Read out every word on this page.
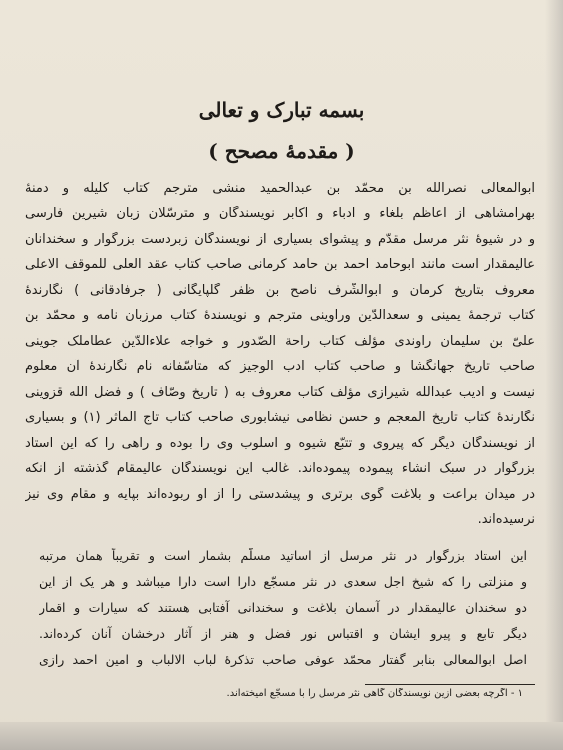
بسمه تبارک و تعالی
( مقدمهٔ مصحح )
ابوالمعالی نصرالله بن محمّد بن عبدالحمید منشی مترجم کتاب کلیله و دمنهٔ
بهرامشاهی از اعاظم بلغاء و ادباء و اکابر نویسندگان و مترسّلان زبان شیرین فارسی
و در شیوهٔ نثر مرسل مقدّم و پیشوای بسیاری از نویسندگان زبردست بزرگوار و سخندانان
عالیمقدار است مانند ابوحامد احمد بن حامد کرمانی صاحب کتاب عقد العلی للموقف الاعلی
معروف بتاریخ کرمان و ابوالشّرف ناصح بن ظفر گلپایگانی ( جرفادقانی ) نگارندهٔ
کتاب ترجمهٔ یمینی و سعدالدّین وراوینی مترجم و نویسندهٔ کتاب مرزبان نامه و محمّد بن
علیّ بن سلیمان راوندی مؤلّف کتاب راحة الصّدور و خواجه علاءالدّین عطاملک جوینی
صاحب تاریخ جهانگشا و صاحب کتاب ادب الوجیز که متأسّفانه نام نگارندهٔ آن معلوم
نیست و ادیب عبدالله شیرازی مؤلّف کتاب معروف به ( تاریخ وصّاف ) و فضل الله قزوینی
نگارندهٔ کتاب تاریخ المعجم و حسن نظامی نیشابوری صاحب کتاب تاج المآثر (۱) و بسیاری
از نویسندگان دیگر که پیروی و تتبّع شیوه و اسلوب وی را بوده و راهی را که این استاد
بزرگوار در سبک انشاء پیموده پیموده‌اند. غالب این نویسندگان عالیمقام گذشته از آنکه
در میدان براعت و بلاغت گوی برتری و پیشدستی را از او ربوده‌اند بپایه و مقام وی نیز
نرسیده‌اند.
این استاد بزرگوار در نثر مرسل از اساتید مسلّم بشمار است و تقریباً همان مرتبه
و منزلتی را که شیخ اجل سعدی در نثر مسجّع دارا است دارا میباشد و هر یک از این
دو سخندان عالیمقدار در آسمان بلاغت و سخندانی آفتابی هستند که سیارات و اقمار
دیگر تابع و پیرو ایشان و اقتباس نور فضل و هنر از آثار درخشان آنان کرده‌اند.
اصل ابوالمعالی بنابر گفتار محمّد عوفی صاحب تذکرهٔ لباب الالباب و امین احمد رازی
۱ - اگرچه بعضی ازین نویسندگان گاهی نثر مرسل را با مسجّع آمیخته‌اند.
